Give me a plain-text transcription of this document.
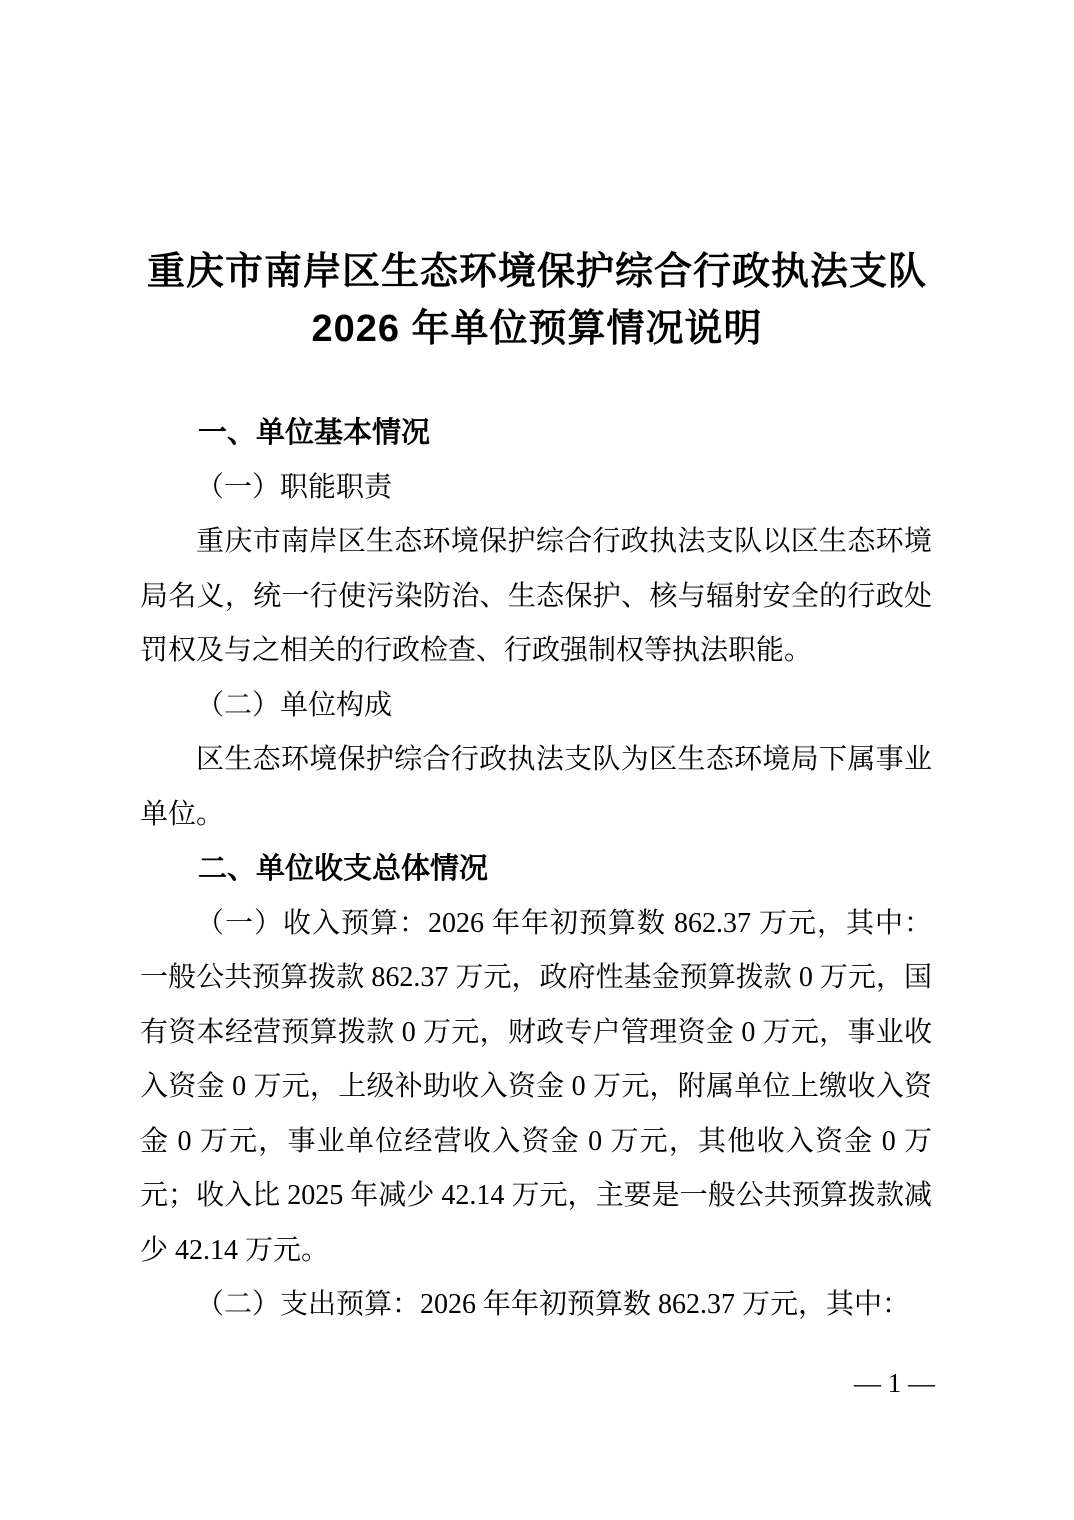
重庆市南岸区生态环境保护综合行政执法支队
2026 年单位预算情况说明
一、单位基本情况
（一）职能职责

重庆市南岸区生态环境保护综合行政执法支队以区生态环境局名义，统一行使污染防治、生态保护、核与辐射安全的行政处罚权及与之相关的行政检查、行政强制权等执法职能。

（二）单位构成

区生态环境保护综合行政执法支队为区生态环境局下属事业单位。

二、单位收支总体情况

（一）收入预算：2026 年年初预算数 862.37 万元，其中：一般公共预算拨款 862.37 万元，政府性基金预算拨款 0 万元，国有资本经营预算拨款 0 万元，财政专户管理资金 0 万元，事业收入资金 0 万元，上级补助收入资金 0 万元，附属单位上缴收入资金 0 万元，事业单位经营收入资金 0 万元，其他收入资金 0 万元；收入比 2025 年减少 42.14 万元，主要是一般公共预算拨款减少 42.14 万元。

（二）支出预算：2026 年年初预算数 862.37 万元，其中：

— 1 —
